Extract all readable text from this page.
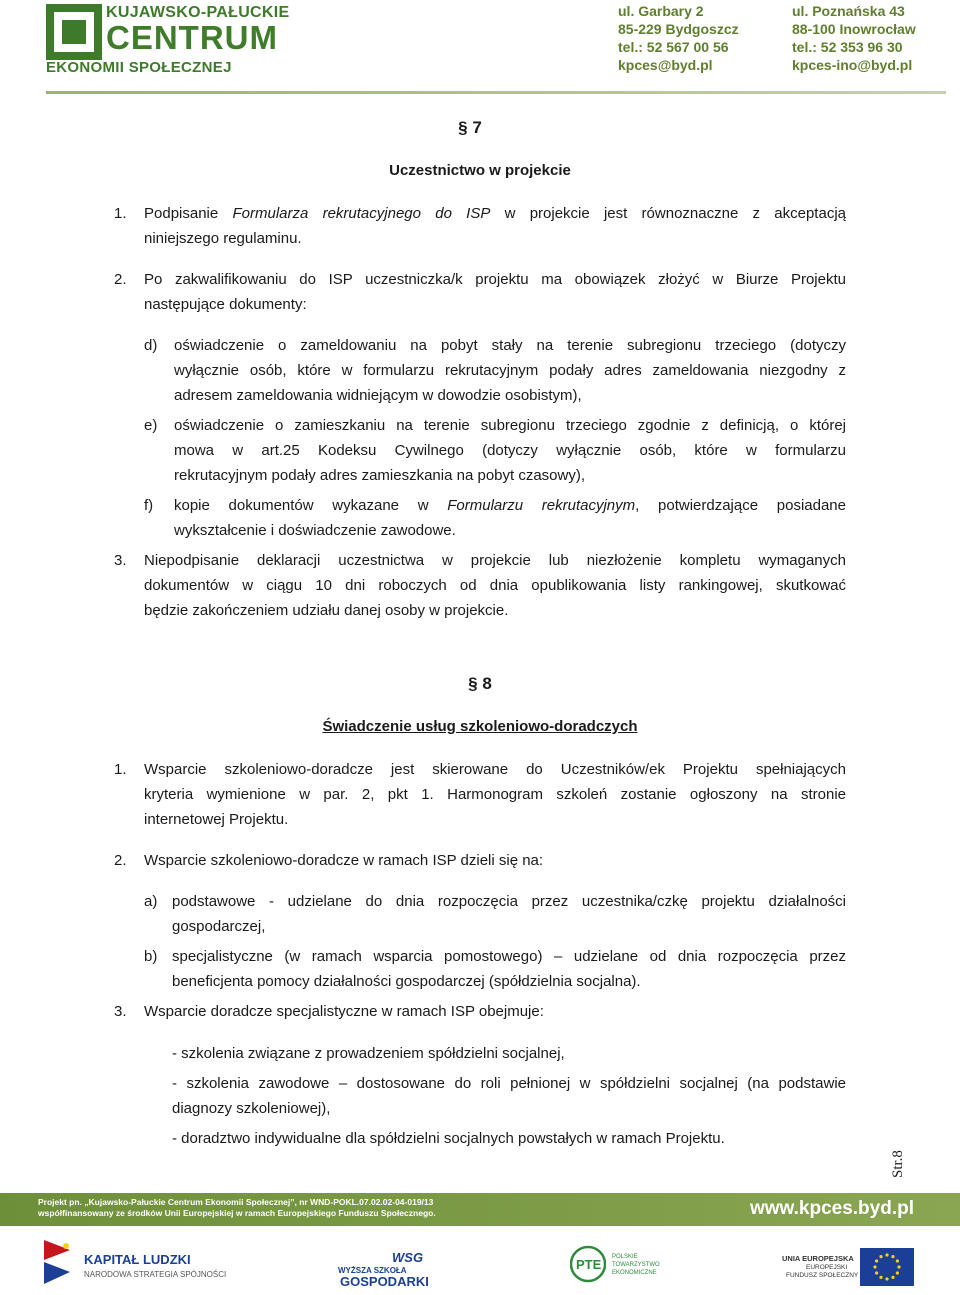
KUJAWSKO-PAŁUCKIE
CENTRUM
EKONOMII SPOŁECZNEJ
ul. Garbary 2
85-229 Bydgoszcz
tel.: 52 567 00 56
kpces@byd.pl
ul. Poznańska 43
88-100 Inowrocław
tel.: 52 353 96 30
kpces-ino@byd.pl
§ 7
Uczestnictwo w projekcie
1. Podpisanie Formularza rekrutacyjnego do ISP w projekcie jest równoznaczne z akceptacją
niniejszego regulaminu.
2. Po zakwalifikowaniu do ISP uczestniczka/k projektu ma obowiązek złożyć w Biurze Projektu
następujące dokumenty:
d) oświadczenie o zameldowaniu na pobyt stały na terenie subregionu trzeciego (dotyczy
wyłącznie osób, które w formularzu rekrutacyjnym podały adres zameldowania niezgodny z
adresem zameldowania widniejącym w dowodzie osobistym),
e) oświadczenie o zamieszkaniu na terenie subregionu trzeciego zgodnie z definicją, o której
mowa w art.25 Kodeksu Cywilnego (dotyczy wyłącznie osób, które w formularzu
rekrutacyjnym podały adres zamieszkania na pobyt czasowy),
f) kopie dokumentów wykazane w Formularzu rekrutacyjnym, potwierdzające posiadane
wykształcenie i doświadczenie zawodowe.
3. Niepodpisanie deklaracji uczestnictwa w projekcie lub niezłożenie kompletu wymaganych
dokumentów w ciągu 10 dni roboczych od dnia opublikowania listy rankingowej, skutkować
będzie zakończeniem udziału danej osoby w projekcie.
§ 8
Świadczenie usług szkoleniowo-doradczych
1. Wsparcie szkoleniowo-doradcze jest skierowane do Uczestników/ek Projektu spełniających
kryteria wymienione w par. 2, pkt 1. Harmonogram szkoleń zostanie ogłoszony na stronie
internetowej Projektu.
2. Wsparcie szkoleniowo-doradcze w ramach ISP dzieli się na:
a) podstawowe - udzielane do dnia rozpoczęcia przez uczestnika/czkę projektu działalności
gospodarczej,
b) specjalistyczne (w ramach wsparcia pomostowego) – udzielane od dnia rozpoczęcia przez
beneficjenta pomocy działalności gospodarczej (spółdzielnia socjalna).
3. Wsparcie doradcze specjalistyczne w ramach ISP obejmuje:
- szkolenia związane z prowadzeniem spółdzielni socjalnej,
- szkolenia zawodowe – dostosowane do roli pełnionej w spółdzielni socjalnej (na podstawie
diagnozy szkoleniowej),
- doradztwo indywidualne dla spółdzielni socjalnych powstałych w ramach Projektu.
Str.8
Projekt pn. „Kujawsko-Pałuckie Centrum Ekonomii Społecznej”, nr WND-POKL.07.02.02-04-019/13
współfinansowany ze środków Unii Europejskiej w ramach Europejskiego Funduszu Społecznego.	www.kpces.byd.pl
KAPITAŁ LUDZKI
NARODOWA STRATEGIA SPÓJNOŚCI
WSG
WYŻSZA SZKOŁA
GOSPODARKI
PTE POLSKIE
TOWARZYSTWO
EKONOMICZNE
UNIA EUROPEJSKA
EUROPEJSKI
FUNDUSZ SPOŁECZNY
